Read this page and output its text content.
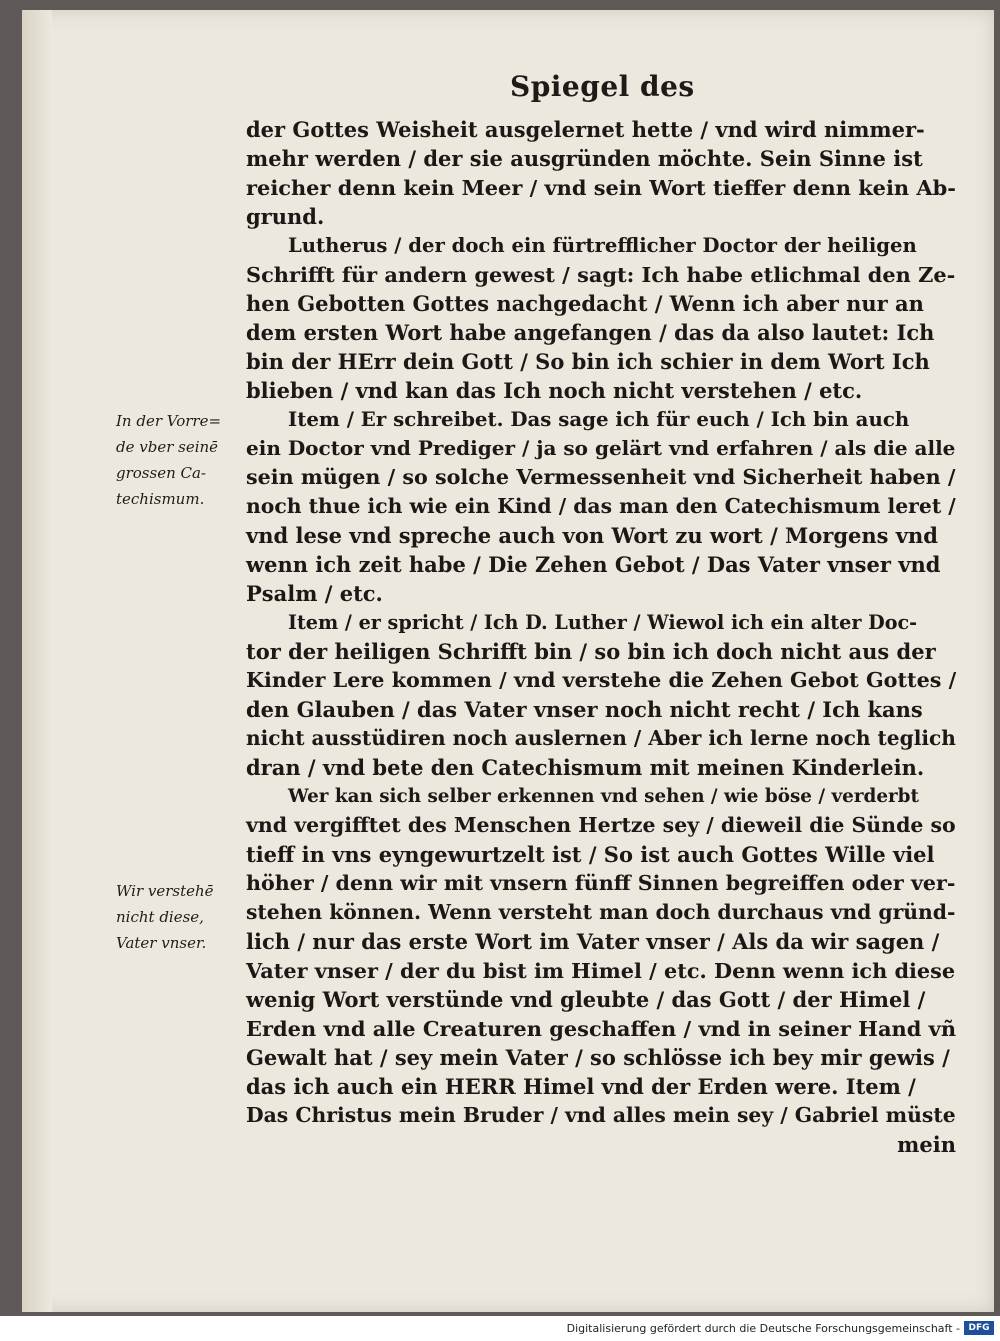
Spiegel des
der Gottes Weisheit ausgelernet hette / vnd wird nimmer-
mehr werden / der sie ausgründen möchte. Sein Sinne ist
reicher denn kein Meer / vnd sein Wort tieffer denn kein Ab-
grund.
Lutherus / der doch ein fürtrefflicher Doctor der heiligen
Schrifft für andern gewest / sagt: Ich habe etlichmal den Ze-
hen Gebotten Gottes nachgedacht / Wenn ich aber nur an
dem ersten Wort habe angefangen / das da also lautet: Ich
bin der HErr dein Gott / So bin ich schier in dem Wort Ich
blieben / vnd kan das Ich noch nicht verstehen / etc.
Item / Er schreibet. Das sage ich für euch / Ich bin auch
ein Doctor vnd Prediger / ja so gelärt vnd erfahren / als die alle
sein mügen / so solche Vermessenheit vnd Sicherheit haben /
noch thue ich wie ein Kind / das man den Catechismum leret /
vnd lese vnd spreche auch von Wort zu wort / Morgens vnd
wenn ich zeit habe / Die Zehen Gebot / Das Vater vnser vnd
Psalm / etc.
Item / er spricht / Ich D. Luther / Wiewol ich ein alter Doc-
tor der heiligen Schrifft bin / so bin ich doch nicht aus der
Kinder Lere kommen / vnd verstehe die Zehen Gebot Gottes /
den Glauben / das Vater vnser noch nicht recht / Ich kans
nicht ausstüdiren noch auslernen / Aber ich lerne noch teglich
dran / vnd bete den Catechismum mit meinen Kinderlein.
Wer kan sich selber erkennen vnd sehen / wie böse / verderbt
vnd vergifftet des Menschen Hertze sey / dieweil die Sünde so
tieff in vns eyngewurtzelt ist / So ist auch Gottes Wille viel
höher / denn wir mit vnsern fünff Sinnen begreiffen oder ver-
stehen können. Wenn versteht man doch durchaus vnd gründ-
lich / nur das erste Wort im Vater vnser / Als da wir sagen /
Vater vnser / der du bist im Himel / etc. Denn wenn ich diese
wenig Wort verstünde vnd gleubte / das Gott / der Himel /
Erden vnd alle Creaturen geschaffen / vnd in seiner Hand vñ
Gewalt hat / sey mein Vater / so schlösse ich bey mir gewis /
das ich auch ein HERR Himel vnd der Erden were. Item /
Das Christus mein Bruder / vnd alles mein sey / Gabriel müste
mein
In der Vorre=
de vber seinē
grossen Ca-
techismum.
Wir verstehē
nicht diese,
Vater vnser.
Digitalisierung gefördert durch die Deutsche Forschungsgemeinschaft - DFG
